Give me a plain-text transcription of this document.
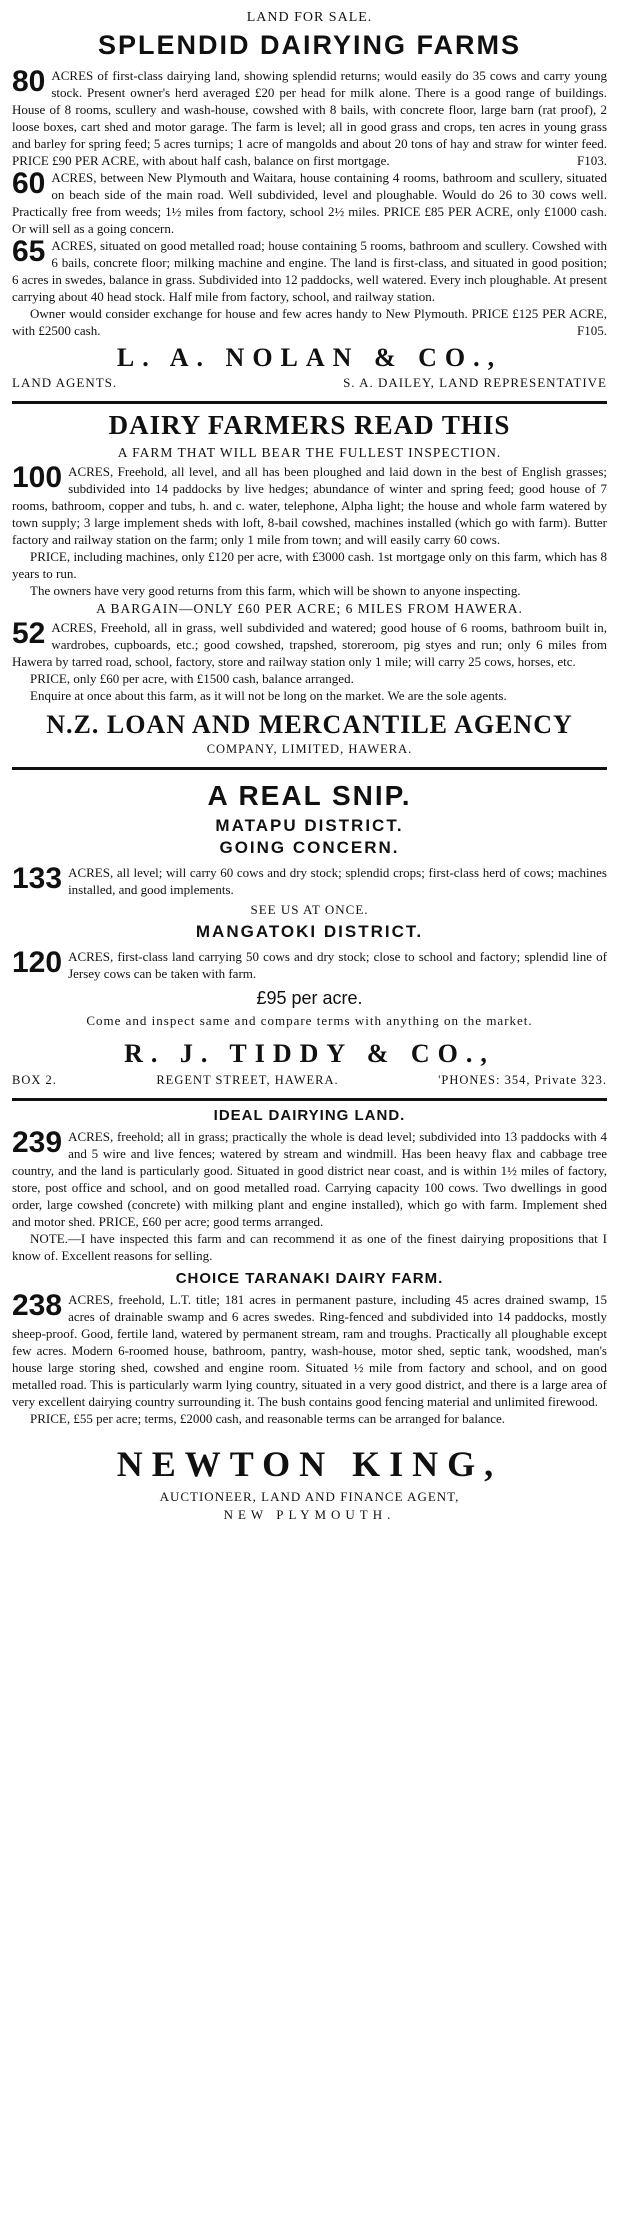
LAND FOR SALE.
SPLENDID DAIRYING FARMS

80 ACRES of first-class dairying land, showing splendid returns; would easily do 35 cows and carry young stock. Present owner's herd averaged £20 per head for milk alone. There is a good range of buildings. House of 8 rooms, scullery and wash-house, cowshed with 8 bails, with concrete floor, large barn (rat proof), 2 loose boxes, cart shed and motor garage. The farm is level; all in good grass and crops, ten acres in young grass and barley for spring feed; 5 acres turnips; 1 acre of mangolds and about 20 tons of hay and straw for winter feed. PRICE £90 PER ACRE, with about half cash, balance on first mortgage.	F103.

60 ACRES, between New Plymouth and Waitara, house containing 4 rooms, bathroom and scullery, situated on beach side of the main road. Well subdivided, level and ploughable. Would do 26 to 30 cows well. Practically free from weeds; 1½ miles from factory, school 2½ miles. PRICE £85 PER ACRE, only £1000 cash. Or will sell as a going concern.

65 ACRES, situated on good metalled road; house containing 5 rooms, bathroom and scullery. Cowshed with 6 bails, concrete floor; milking machine and engine. The land is first-class, and situated in good position; 6 acres in swedes, balance in grass. Subdivided into 12 paddocks, well watered. Every inch ploughable. At present carrying about 40 head stock. Half mile from factory, school, and railway station.

Owner would consider exchange for house and few acres handy to New Plymouth. PRICE £125 PER ACRE, with £2500 cash.	F105.

L. A. NOLAN & CO.,
LAND AGENTS.	S. A. DAILEY, LAND REPRESENTATIVE
DAIRY FARMERS READ THIS
A FARM THAT WILL BEAR THE FULLEST INSPECTION.

100 ACRES, Freehold, all level, and all has been ploughed and laid down in the best of English grasses; subdivided into 14 paddocks by live hedges; abundance of winter and spring feed; good house of 7 rooms, bathroom, copper and tubs, h. and c. water, telephone, Alpha light; the house and whole farm watered by town supply; 3 large implement sheds with loft, 8-bail cowshed, machines installed (which go with farm). Butter factory and railway station on the farm; only 1 mile from town; and will easily carry 60 cows.

PRICE, including machines, only £120 per acre, with £3000 cash. 1st mortgage only on this farm, which has 8 years to run.

The owners have very good returns from this farm, which will be shown to anyone inspecting.

A BARGAIN—ONLY £60 PER ACRE; 6 MILES FROM HAWERA.

52 ACRES, Freehold, all in grass, well subdivided and watered; good house of 6 rooms, bathroom built in, wardrobes, cupboards, etc.; good cowshed, trapshed, storeroom, pig styes and run; only 6 miles from Hawera by tarred road, school, factory, store and railway station only 1 mile; will carry 25 cows, horses, etc.

PRICE, only £60 per acre, with £1500 cash, balance arranged.

Enquire at once about this farm, as it will not be long on the market. We are the sole agents.

N.Z. LOAN AND MERCANTILE AGENCY
COMPANY, LIMITED, HAWERA.
A REAL SNIP.
MATAPU DISTRICT.
GOING CONCERN.

133 ACRES, all level; will carry 60 cows and dry stock; splendid crops; first-class herd of cows; machines installed, and good implements.

SEE US AT ONCE.
MANGATOKI DISTRICT.

120 ACRES, first-class land carrying 50 cows and dry stock; close to school and factory; splendid line of Jersey cows can be taken with farm.

£95 per acre.
Come and inspect same and compare terms with anything on the market.
R. J. TIDDY & CO.,
BOX 2.	REGENT STREET, HAWERA.	'PHONES: 354, Private 323.
IDEAL DAIRYING LAND.

239 ACRES, freehold; all in grass; practically the whole is dead level; subdivided into 13 paddocks with 4 and 5 wire and live fences; watered by stream and windmill. Has been heavy flax and cabbage tree country, and the land is particularly good. Situated in good district near coast, and is within 1½ miles of factory, store, post office and school, and on good metalled road. Carrying capacity 100 cows. Two dwellings in good order, large cowshed (concrete) with milking plant and engine installed), which go with farm. Implement shed and motor shed. PRICE, £60 per acre; good terms arranged.

NOTE.—I have inspected this farm and can recommend it as one of the finest dairying propositions that I know of. Excellent reasons for selling.

CHOICE TARANAKI DAIRY FARM.

238 ACRES, freehold, L.T. title; 181 acres in permanent pasture, including 45 acres drained swamp, 15 acres of drainable swamp and 6 acres swedes. Ring-fenced and subdivided into 14 paddocks, mostly sheep-proof. Good, fertile land, watered by permanent stream, ram and troughs. Practically all ploughable except few acres. Modern 6-roomed house, bathroom, pantry, wash-house, motor shed, septic tank, woodshed, man's house large storing shed, cowshed and engine room. Situated ½ mile from factory and school, and on good metalled road. This is particularly warm lying country, situated in a very good district, and there is a large area of very excellent dairying country surrounding it. The bush contains good fencing material and unlimited firewood.

PRICE, £55 per acre; terms, £2000 cash, and reasonable terms can be arranged for balance.

NEWTON KING,
AUCTIONEER, LAND AND FINANCE AGENT,
NEW PLYMOUTH.
